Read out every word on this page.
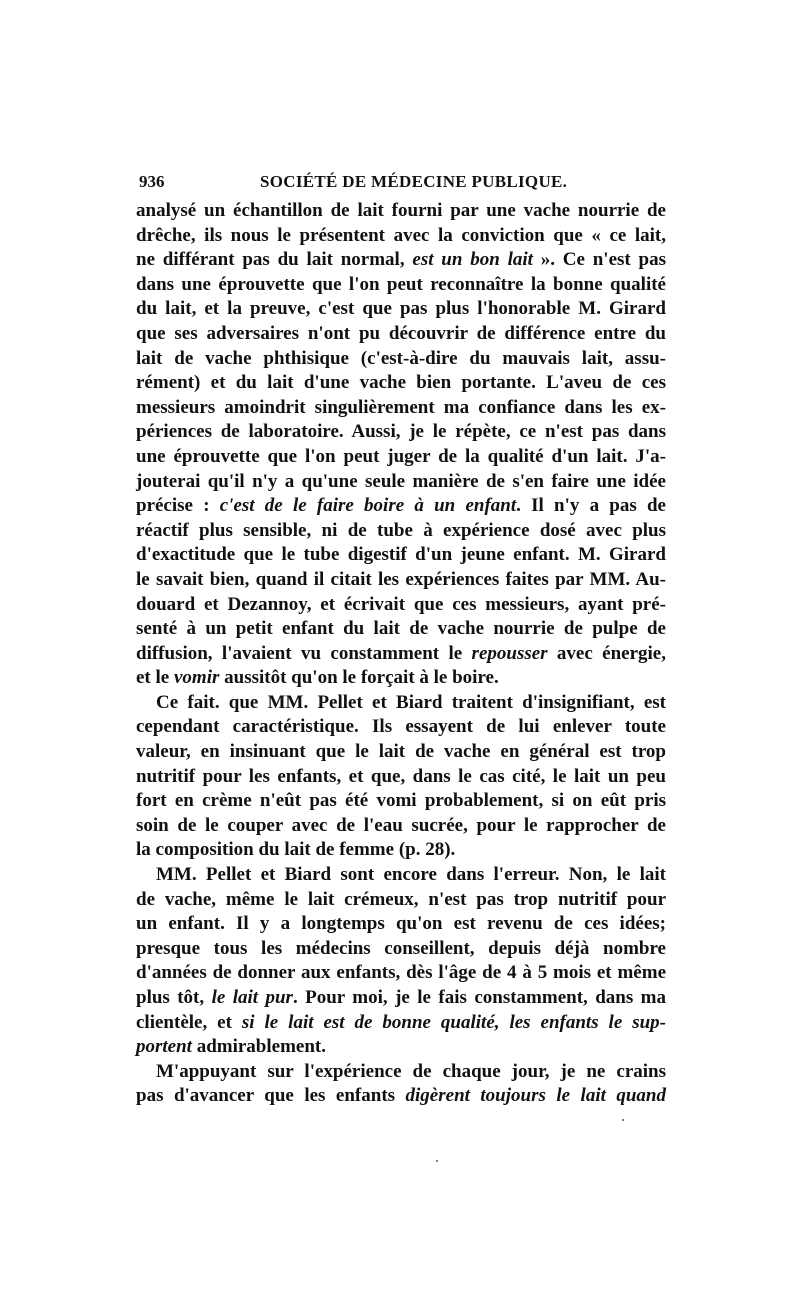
936	SOCIÉTÉ DE MÉDECINE PUBLIQUE.
analysé un échantillon de lait fourni par une vache nourrie de
drêche, ils nous le présentent avec la conviction que « ce lait,
ne différant pas du lait normal, est un bon lait ». Ce n'est pas
dans une éprouvette que l'on peut reconnaître la bonne qualité
du lait, et la preuve, c'est que pas plus l'honorable M. Girard
que ses adversaires n'ont pu découvrir de différence entre du
lait de vache phthisique (c'est-à-dire du mauvais lait, assu-
rément) et du lait d'une vache bien portante. L'aveu de ces
messieurs amoindrit singulièrement ma confiance dans les ex-
périences de laboratoire. Aussi, je le répète, ce n'est pas dans
une éprouvette que l'on peut juger de la qualité d'un lait. J'a-
jouterai qu'il n'y a qu'une seule manière de s'en faire une idée
précise : c'est de le faire boire à un enfant. Il n'y a pas de
réactif plus sensible, ni de tube à expérience dosé avec plus
d'exactitude que le tube digestif d'un jeune enfant. M. Girard
le savait bien, quand il citait les expériences faites par MM. Au-
douard et Dezannoy, et écrivait que ces messieurs, ayant pré-
senté à un petit enfant du lait de vache nourrie de pulpe de
diffusion, l'avaient vu constamment le repousser avec énergie,
et le vomir aussitôt qu'on le forçait à le boire.
Ce fait. que MM. Pellet et Biard traitent d'insignifiant, est
cependant caractéristique. Ils essayent de lui enlever toute
valeur, en insinuant que le lait de vache en général est trop
nutritif pour les enfants, et que, dans le cas cité, le lait un peu
fort en crème n'eût pas été vomi probablement, si on eût pris
soin de le couper avec de l'eau sucrée, pour le rapprocher de
la composition du lait de femme (p. 28).
MM. Pellet et Biard sont encore dans l'erreur. Non, le lait
de vache, même le lait crémeux, n'est pas trop nutritif pour
un enfant. Il y a longtemps qu'on est revenu de ces idées;
presque tous les médecins conseillent, depuis déjà nombre
d'années de donner aux enfants, dès l'âge de 4 à 5 mois et même
plus tôt, le lait pur. Pour moi, je le fais constamment, dans ma
clientèle, et si le lait est de bonne qualité, les enfants le sup-
portent admirablement.
M'appuyant sur l'expérience de chaque jour, je ne crains
pas d'avancer que les enfants digèrent toujours le lait quand
